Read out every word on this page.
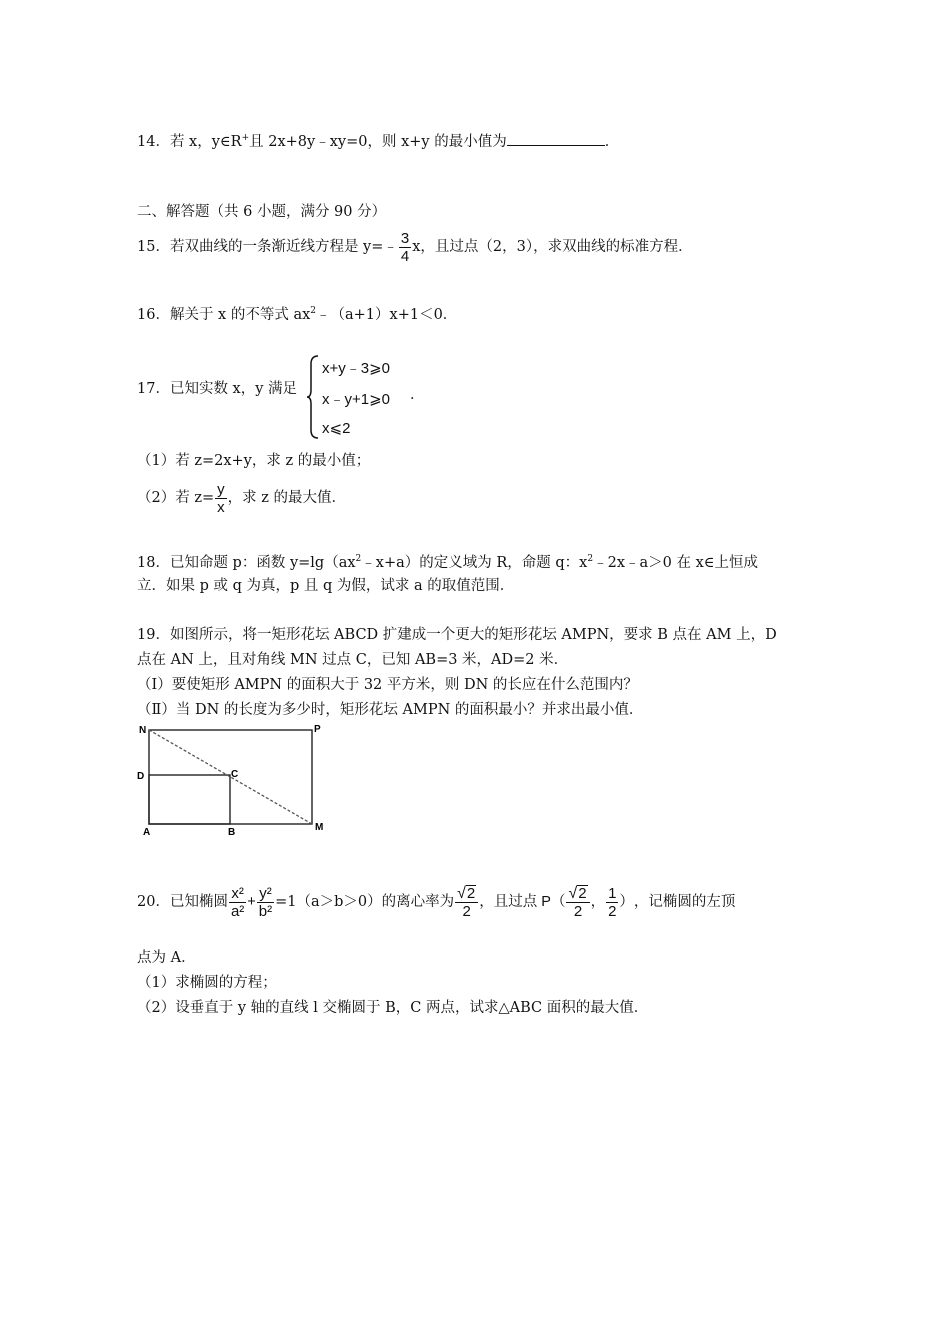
14．若 x，y∈R+且 2x+8y﹣xy=0，则 x+y 的最小值为	．
二、解答题（共 6 小题，满分 90 分）
15．若双曲线的一条渐近线方程是 y=﹣ $\frac{3}{4}$ x，且过点（2，3），求双曲线的标准方程．
16．解关于 x 的不等式 $ax^2﹣(a+1)x+1<0$．
17．已知实数 x，y 满足
x+y﹣3⩾0
x﹣y+1⩾0
x⩽2
．
（1）若 z=2x+y，求 z 的最小值；
（2）若 $z= \frac{y}{x}$ ，求 z 的最大值．
18．已知命题 p：函数 $y=\lg(ax^2﹣x+a)$的定义域为 R，命题 q：$x^2﹣2x﹣a>0$ 在 x∈上恒成
立．如果 p 或 q 为真，p 且 q 为假，试求 a 的取值范围．
19．如图所示，将一矩形花坛 ABCD 扩建成一个更大的矩形花坛 AMPN，要求 B 点在 AM 上，D
点在 AN 上，且对角线 MN 过点 C，已知 AB=3 米，AD=2 米．
（Ⅰ）要使矩形 AMPN 的面积大于 32 平方米，则 DN 的长应在什么范围内？
（Ⅱ）当 DN 的长度为多少时，矩形花坛 AMPN 的面积最小？并求出最小值．
N	P
D	C
A	B	M
20．已知椭圆 $\frac{\text{x²}}{\text{a²}} + \frac{\text{y²}}{\text{b²}} =1(a>b>0)$的离心率为 $\frac{√ 2}{2}$ ，且过点 P （ $\frac{√ 2}{2}$ ， $\frac{1}{2}$ ） ，记椭圆的左顶
点为 A．
（1）求椭圆的方程；
（2）设垂直于 y 轴的直线 l 交椭圆于 B，C 两点，试求△ABC 面积的最大值．
